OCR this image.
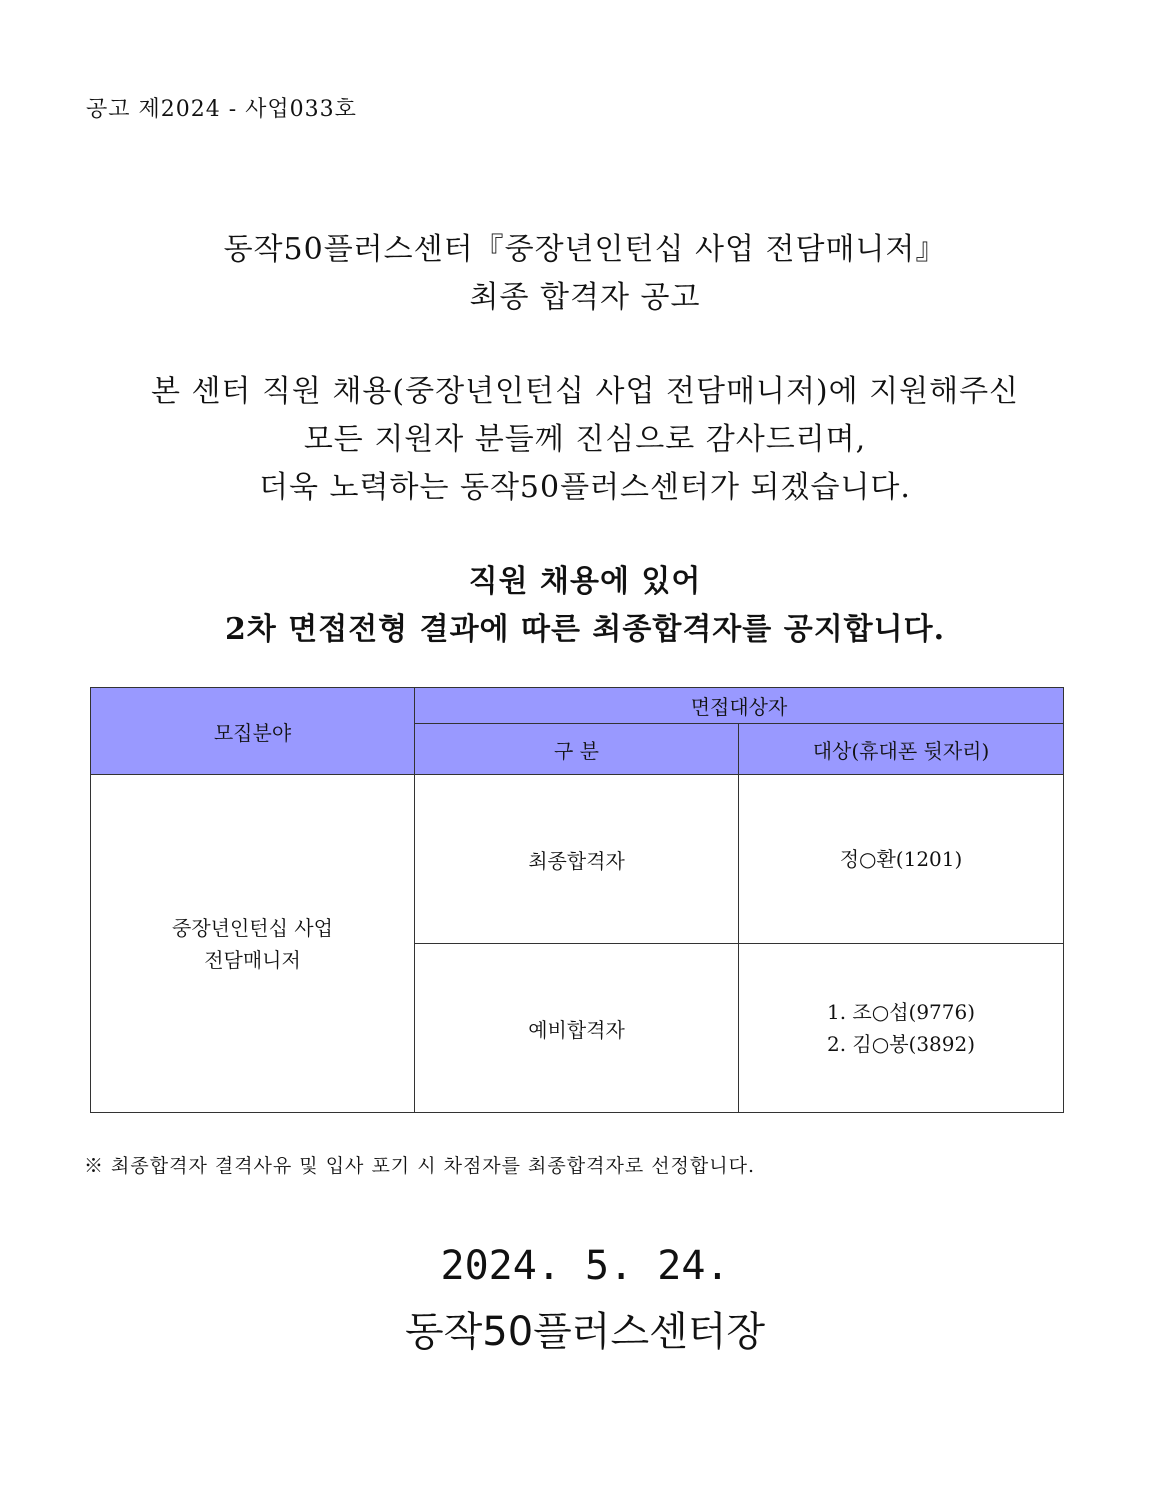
공고 제2024 - 사업033호
동작50플러스센터『중장년인턴십 사업 전담매니저』
최종 합격자 공고
본 센터 직원 채용(중장년인턴십 사업 전담매니저)에 지원해주신
모든 지원자 분들께 진심으로 감사드리며,
더욱 노력하는 동작50플러스센터가 되겠습니다.
직원 채용에 있어
2차 면접전형 결과에 따른 최종합격자를 공지합니다.
모집분야	면접대상자	
	구 분	대상(휴대폰 뒷자리)

중장년인턴십 사업
전담매니저	최종합격자	정○환(1201)

	예비합격자	1. 조○섭(9776)
2. 김○봉(3892)
※ 최종합격자 결격사유 및 입사 포기 시 차점자를 최종합격자로 선정합니다.
2024. 5. 24.
동작50플러스센터장
